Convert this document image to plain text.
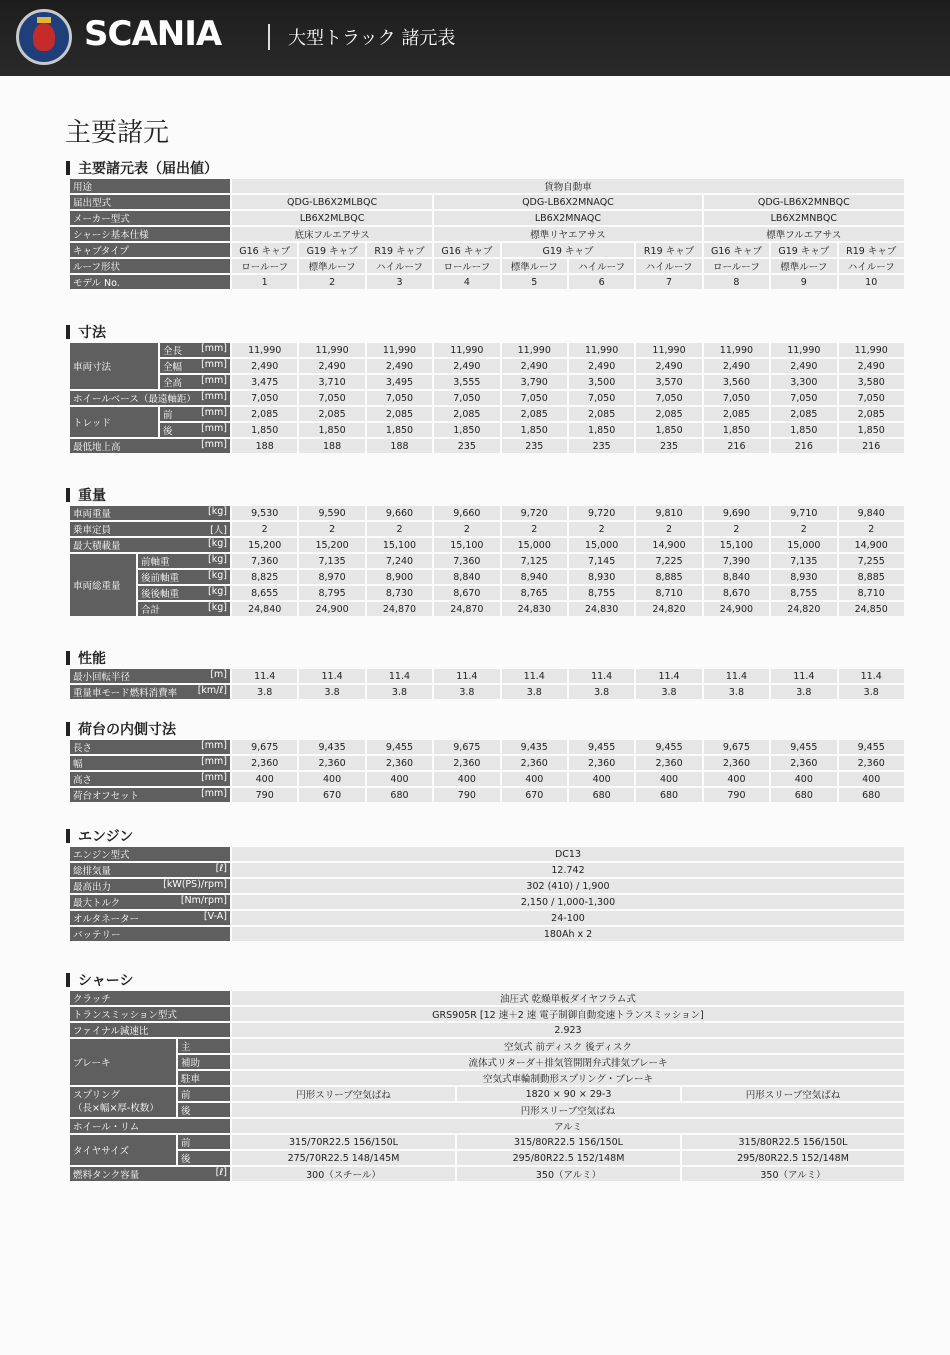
SCANIA	大型トラック 諸元表
主要諸元
主要諸元表（届出値）
用途	貨物自動車									
届出型式	QDG-LB6X2MLBQC			QDG-LB6X2MNAQC				QDG-LB6X2MNBQC		
メーカー型式	LB6X2MLBQC			LB6X2MNAQC				LB6X2MNBQC		
シャーシ基本仕様	底床フルエアサス			標準リヤエアサス				標準フルエアサス		
キャブタイプ	G16 キャブ	G19 キャブ	R19 キャブ	G16 キャブ	G19 キャブ		R19 キャブ	G16 キャブ	G19 キャブ	R19 キャブ
ルーフ形状	ロールーフ	標準ルーフ	ハイルーフ	ロールーフ	標準ルーフ	ハイルーフ	ハイルーフ	ロールーフ	標準ルーフ	ハイルーフ
モデル No.	1	2	3	4	5	6	7	8	9	10
寸法
車両寸法	全長 [mm]	11,990	11,990	11,990	11,990	11,990	11,990	11,990	11,990	11,990	11,990
	全幅 [mm]	2,490	2,490	2,490	2,490	2,490	2,490	2,490	2,490	2,490	2,490
	全高 [mm]	3,475	3,710	3,495	3,555	3,790	3,500	3,570	3,560	3,300	3,580
ホイールベース（最遠軸距） [mm]		7,050	7,050	7,050	7,050	7,050	7,050	7,050	7,050	7,050	7,050
トレッド	前 [mm]	2,085	2,085	2,085	2,085	2,085	2,085	2,085	2,085	2,085	2,085
	後 [mm]	1,850	1,850	1,850	1,850	1,850	1,850	1,850	1,850	1,850	1,850
最低地上高 [mm]		188	188	188	235	235	235	235	216	216	216
重量
車両重量 [kg]		9,530	9,590	9,660	9,660	9,720	9,720	9,810	9,690	9,710	9,840
乗車定員 [人]		2	2	2	2	2	2	2	2	2	2
最大積載量 [kg]		15,200	15,200	15,100	15,100	15,000	15,000	14,900	15,100	15,000	14,900
車両総重量	前軸重 [kg]	7,360	7,135	7,240	7,360	7,125	7,145	7,225	7,390	7,135	7,255
	後前軸重 [kg]	8,825	8,970	8,900	8,840	8,940	8,930	8,885	8,840	8,930	8,885
	後後軸重 [kg]	8,655	8,795	8,730	8,670	8,765	8,755	8,710	8,670	8,755	8,710
	合計 [kg]	24,840	24,900	24,870	24,870	24,830	24,830	24,820	24,900	24,820	24,850
性能
最小回転半径 [m]	11.4	11.4	11.4	11.4	11.4	11.4	11.4	11.4	11.4	11.4
重量車モード燃料消費率 [km/ℓ]	3.8	3.8	3.8	3.8	3.8	3.8	3.8	3.8	3.8	3.8
荷台の内側寸法
長さ [mm]	9,675	9,435	9,455	9,675	9,435	9,455	9,455	9,675	9,455	9,455
幅 [mm]	2,360	2,360	2,360	2,360	2,360	2,360	2,360	2,360	2,360	2,360
高さ [mm]	400	400	400	400	400	400	400	400	400	400
荷台オフセット [mm]	790	670	680	790	670	680	680	790	680	680
エンジン
エンジン型式	DC13
総排気量 [ℓ]	12.742
最高出力 [kW(PS)/rpm]	302 (410) / 1,900
最大トルク [Nm/rpm]	2,150 / 1,000-1,300
オルタネーター [V-A]	24-100
バッテリー	180Ah x 2
シャーシ
クラッチ		油圧式 乾燥単板ダイヤフラム式		
トランスミッション型式		GRS905R [12 速＋2 速 電子制御自動変速トランスミッション]		
ファイナル減速比		2.923		
ブレーキ	主	空気式 前ディスク 後ディスク		
	補助	流体式リターダ＋排気管開閉弁式排気ブレーキ		
	駐車	空気式車輪制動形スプリング・ブレーキ		
スプリング
（長×幅×厚-枚数）	前	円形スリーブ空気ばね	1820 × 90 × 29-3	円形スリーブ空気ばね
	後	円形スリーブ空気ばね		
ホイール・リム		アルミ		
タイヤサイズ	前	315/70R22.5 156/150L	315/80R22.5 156/150L	315/80R22.5 156/150L
	後	275/70R22.5 148/145M	295/80R22.5 152/148M	295/80R22.5 152/148M
燃料タンク容量 [ℓ]		300（スチール）	350（アルミ）	350（アルミ）
